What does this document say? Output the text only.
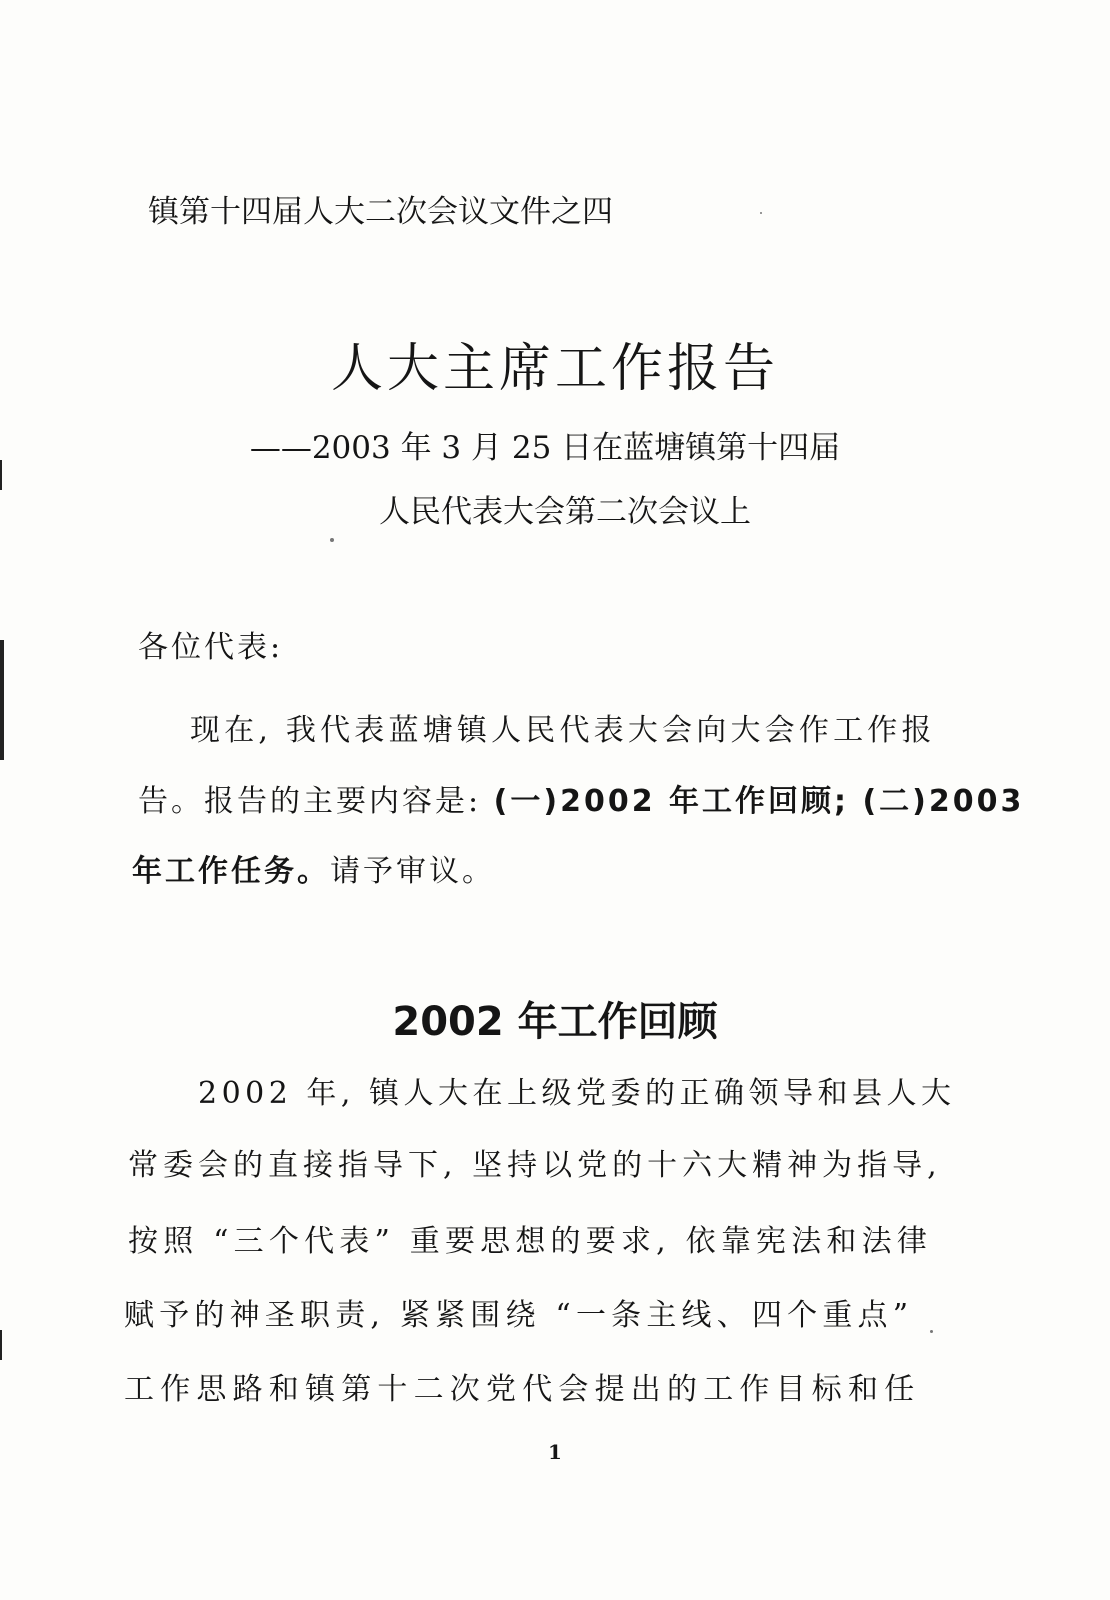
镇第十四届人大二次会议文件之四
人大主席工作报告
——2003 年 3 月 25 日在蓝塘镇第十四届
人民代表大会第二次会议上
各位代表:
现在, 我代表蓝塘镇人民代表大会向大会作工作报
告。报告的主要内容是: (一)2002 年工作回顾; (二)2003
年工作任务。请予审议。
2002 年工作回顾
2002 年, 镇人大在上级党委的正确领导和县人大
常委会的直接指导下, 坚持以党的十六大精神为指导,
按照 “三个代表” 重要思想的要求, 依靠宪法和法律
赋予的神圣职责, 紧紧围绕 “一条主线、四个重点”
工作思路和镇第十二次党代会提出的工作目标和任
1
